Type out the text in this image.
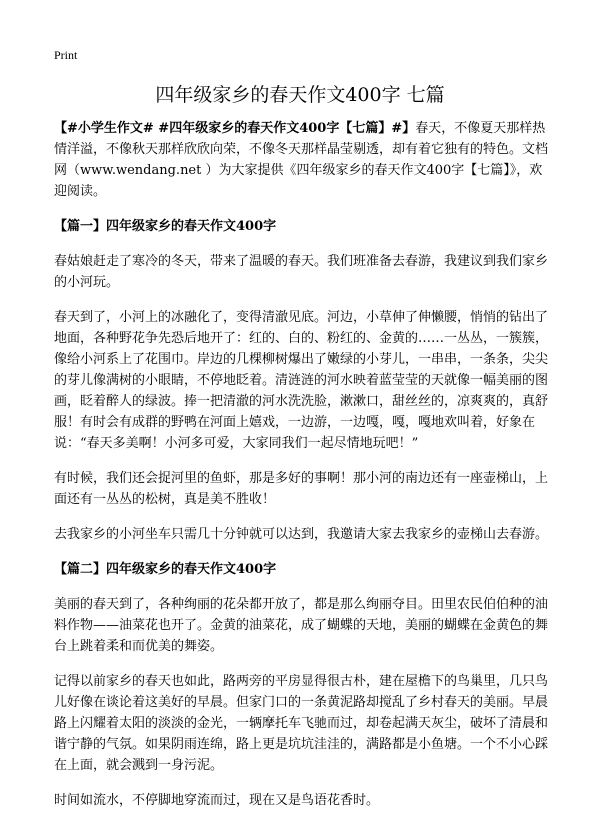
Print
四年级家乡的春天作文400字 七篇

【#小学生作文# #四年级家乡的春天作文400字【七篇】#】春天，不像夏天那样热情洋溢，不像秋天那样欣欣向荣，不像冬天那样晶莹剔透，却有着它独有的特色。文档网（www.wendang.net ）为大家提供《四年级家乡的春天作文400字【七篇】》，欢迎阅读。

【篇一】四年级家乡的春天作文400字

春姑娘赶走了寒冷的冬天，带来了温暖的春天。我们班准备去春游，我建议到我们家乡的小河玩。

春天到了，小河上的冰融化了，变得清澈见底。河边，小草伸了伸懒腰，悄悄的钻出了地面，各种野花争先恐后地开了：红的、白的、粉红的、金黄的……一丛丛，一簇簇，像给小河系上了花围巾。岸边的几棵柳树爆出了嫩绿的小芽儿，一串串，一条条，尖尖的芽儿像满树的小眼睛，不停地眨着。清涟涟的河水映着蓝莹莹的天就像一幅美丽的图画，眨着醉人的绿波。捧一把清澈的河水洗洗脸，漱漱口，甜丝丝的，凉爽爽的，真舒服！有时会有成群的野鸭在河面上嬉戏，一边游，一边嘎，嘎，嘎地欢叫着，好象在说：“春天多美啊！小河多可爱，大家同我们一起尽情地玩吧！”

有时候，我们还会捉河里的鱼虾，那是多好的事啊！那小河的南边还有一座壶梯山，上面还有一丛丛的松树，真是美不胜收！

去我家乡的小河坐车只需几十分钟就可以达到，我邀请大家去我家乡的壶梯山去春游。

【篇二】四年级家乡的春天作文400字

美丽的春天到了，各种绚丽的花朵都开放了，都是那么绚丽夺目。田里农民伯伯种的油料作物——油菜花也开了。金黄的油菜花，成了蝴蝶的天地，美丽的蝴蝶在金黄色的舞台上跳着柔和而优美的舞姿。

记得以前家乡的春天也如此，路两旁的平房显得很古朴，建在屋檐下的鸟巢里，几只鸟儿好像在谈论着这美好的早晨。但家门口的一条黄泥路却搅乱了乡村春天的美丽。早晨路上闪耀着太阳的淡淡的金光，一辆摩托车飞驰而过，却卷起满天灰尘，破坏了清晨和谐宁静的气氛。如果阴雨连绵，路上更是坑坑洼洼的，满路都是小鱼塘。一个不小心踩在上面，就会溅到一身污泥。

时间如流水，不停脚地穿流而过，现在又是鸟语花香时。
